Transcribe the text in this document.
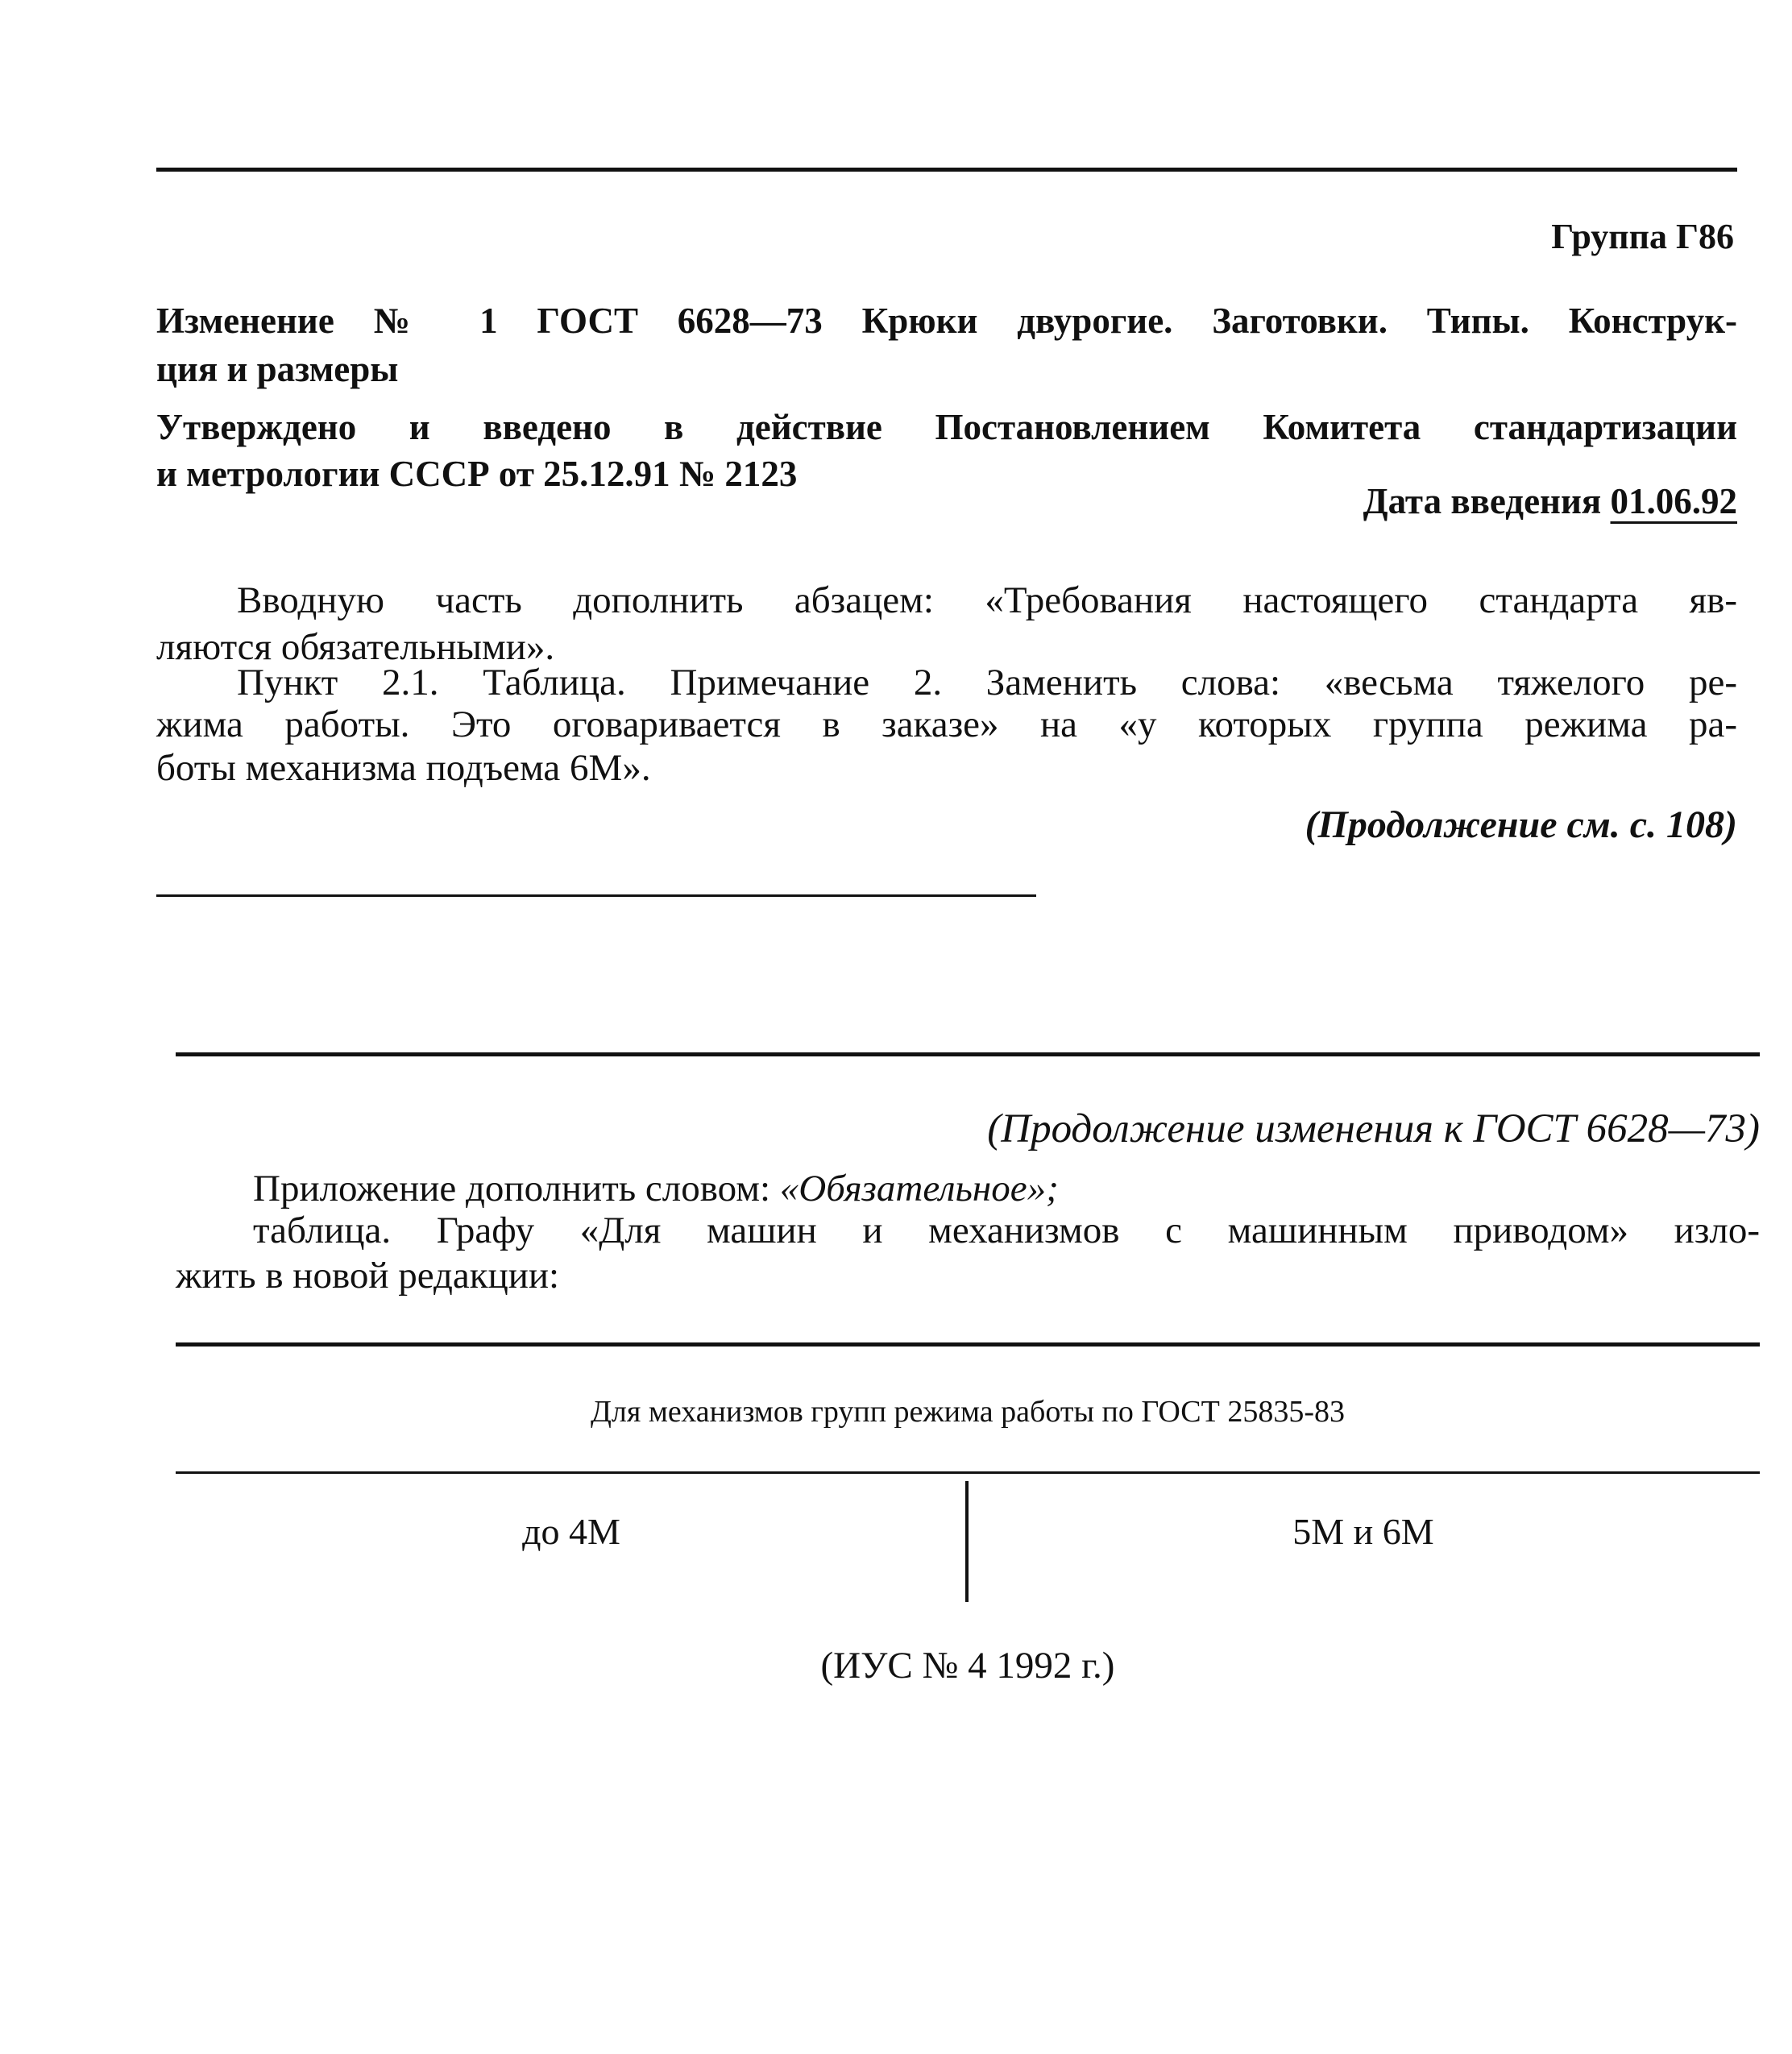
Группа Г86
Изменение № 1 ГОСТ 6628—73 Крюки двурогие. Заготовки. Типы. Конструк-
ция и размеры
Утверждено и введено в действие Постановлением Комитета стандартизации
и метрологии СССР от 25.12.91 № 2123
Дата введения 01.06.92
Вводную часть дополнить абзацем: «Требования настоящего стандарта яв-
ляются обязательными».
Пункт 2.1. Таблица. Примечание 2. Заменить слова: «весьма тяжелого ре-
жима работы. Это оговаривается в заказе» на «у которых группа режима ра-
боты механизма подъема 6М».
(Продолжение см. с. 108)
(Продолжение изменения к ГОСТ 6628—73)
Приложение дополнить словом: «Обязательное»;
таблица. Графу «Для машин и механизмов с машинным приводом» изло-
жить в новой редакции:
Для механизмов групп режима работы по ГОСТ 25835-83
до 4М	5М и 6М
(ИУС № 4 1992 г.)
